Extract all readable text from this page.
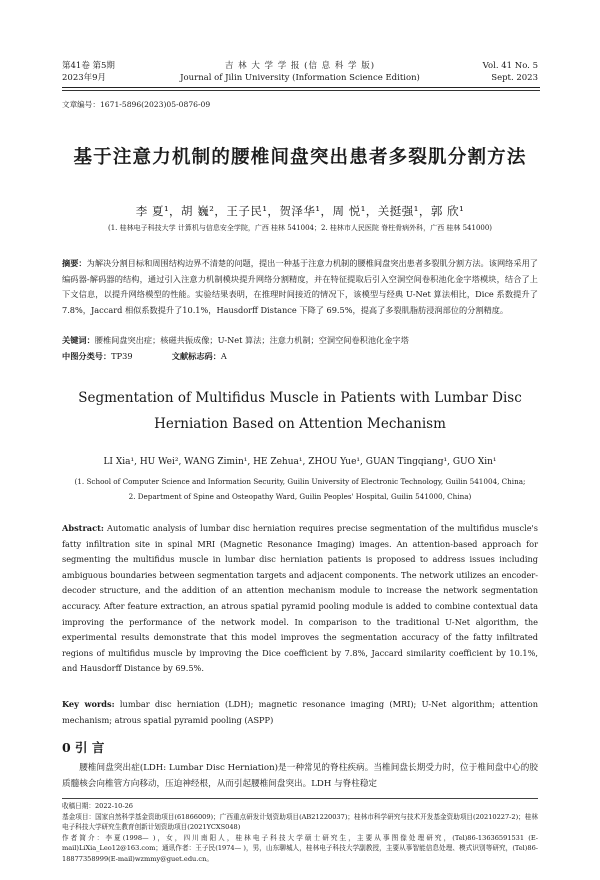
第41卷 第5期
2023年9月
吉 林 大 学 学 报 (信 息 科 学 版)
Journal of Jilin University (Information Science Edition)
Vol. 41 No. 5
Sept. 2023
文章编号：1671-5896(2023)05-0876-09
基于注意力机制的腰椎间盘突出患者多裂肌分割方法
李 夏¹，胡 巍²，王子民¹，贺泽华¹，周 悦¹，关挺强¹，郭 欣¹
(1. 桂林电子科技大学 计算机与信息安全学院，广西 桂林 541004；2. 桂林市人民医院 脊柱骨病外科，广西 桂林 541000)
摘要：为解决分割目标和周围结构边界不清楚的问题，提出一种基于注意力机制的腰椎间盘突出患者多裂肌分割方法。该网络采用了编码器-解码器的结构，通过引入注意力机制模块提升网络分割精度，并在特征提取后引入空洞空间卷积池化金字塔模块，结合了上下文信息，以提升网络模型的性能。实验结果表明，在推理时间接近的情况下，该模型与经典 U-Net 算法相比，Dice 系数提升了 7.8%，Jaccard 相似系数提升了10.1%，Hausdorff Distance 下降了 69.5%，提高了多裂肌脂肪浸润部位的分割精度。
关键词：腰椎间盘突出症；核磁共振成像；U-Net 算法；注意力机制；空洞空间卷积池化金字塔
中图分类号：TP39	文献标志码：A
Segmentation of Multifidus Muscle in Patients with Lumbar Disc
Herniation Based on Attention Mechanism
LI Xia¹, HU Wei², WANG Zimin¹, HE Zehua¹, ZHOU Yue¹, GUAN Tingqiang¹, GUO Xin¹
(1. School of Computer Science and Information Security, Guilin University of Electronic Technology, Guilin 541004, China;
2. Department of Spine and Osteopathy Ward, Guilin Peoples' Hospital, Guilin 541000, China)
Abstract: Automatic analysis of lumbar disc herniation requires precise segmentation of the multifidus muscle's fatty infiltration site in spinal MRI (Magnetic Resonance Imaging) images. An attention-based approach for segmenting the multifidus muscle in lumbar disc herniation patients is proposed to address issues including ambiguous boundaries between segmentation targets and adjacent components. The network utilizes an encoder-decoder structure, and the addition of an attention mechanism module to increase the network segmentation accuracy. After feature extraction, an atrous spatial pyramid pooling module is added to combine contextual data improving the performance of the network model. In comparison to the traditional U-Net algorithm, the experimental results demonstrate that this model improves the segmentation accuracy of the fatty infiltrated regions of multifidus muscle by improving the Dice coefficient by 7.8%, Jaccard similarity coefficient by 10.1%, and Hausdorff Distance by 69.5%.
Key words: lumbar disc herniation (LDH); magnetic resonance imaging (MRI); U-Net algorithm; attention mechanism; atrous spatial pyramid pooling (ASPP)
0 引 言
腰椎间盘突出症(LDH: Lumbar Disc Herniation)是一种常见的脊柱疾病。当椎间盘长期受力时，位于椎间盘中心的胶质髓核会向椎管方向移动，压迫神经根，从而引起腰椎间盘突出。LDH 与脊柱稳定
收稿日期：2022-10-26
基金项目：国家自然科学基金资助项目(61866009)；广西重点研发计划资助项目(AB21220037)；桂林市科学研究与技术开发基金资助项目(20210227-2)；桂林电子科技大学研究生教育创新计划资助项目(2021YCXS048)
作者简介：李夏(1998— )，女，四川南阳人，桂林电子科技大学硕士研究生，主要从事图像处理研究，(Tel)86-13636591531 (E-mail)LiXia_Leo12@163.com；通讯作者：王子民(1974— )，男，山东聊城人，桂林电子科技大学副教授，主要从事智能信息处理、模式识别等研究，(Tel)86-18877358999(E-mail)wzmmy@guet.edu.cn。
